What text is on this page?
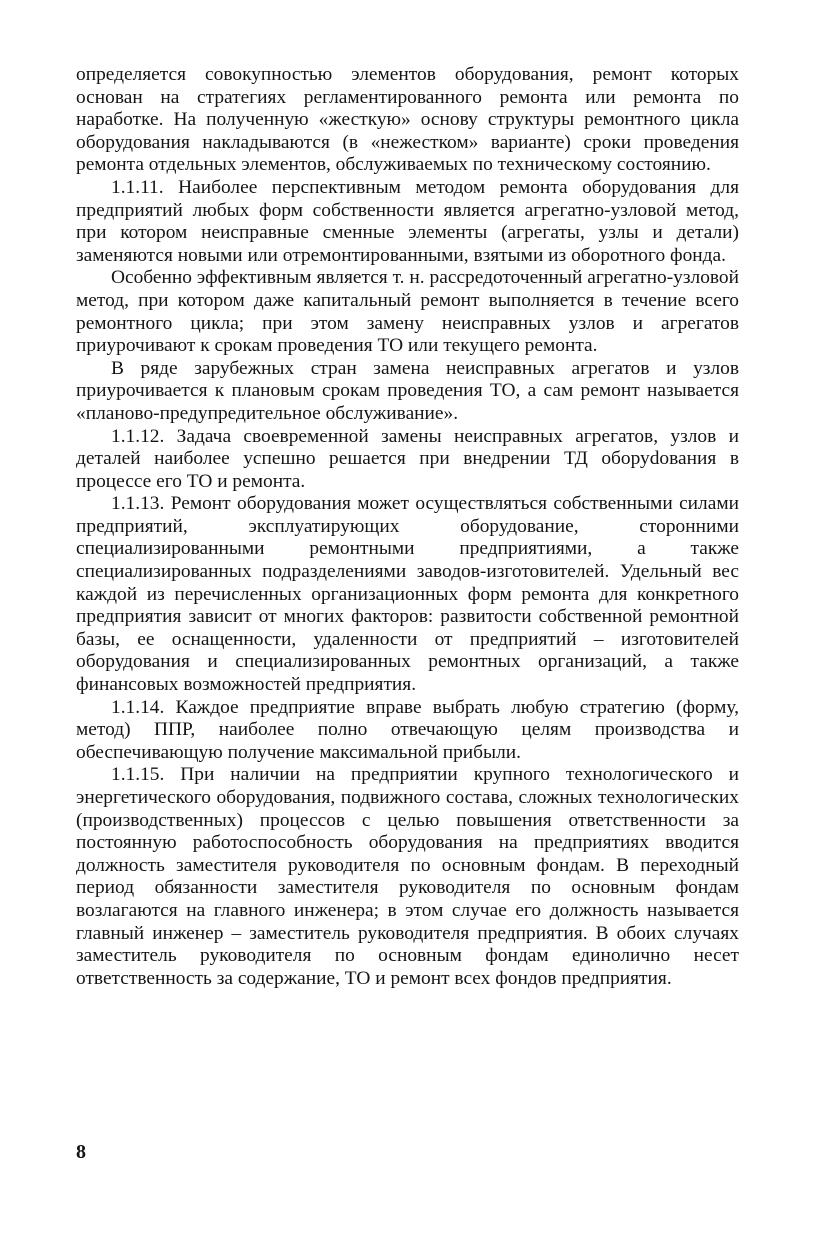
определяется совокупностью элементов оборудования, ремонт которых основан на стратегиях регламентированного ремонта или ремонта по наработке. На полученную «жесткую» основу структуры ремонтного цикла оборудования накладываются (в «нежестком» варианте) сроки проведения ремонта отдельных элементов, обслуживаемых по техническому состоянию.

1.1.11. Наиболее перспективным методом ремонта оборудования для предприятий любых форм собственности является агрегатно-узловой метод, при котором неисправные сменные элементы (агрегаты, узлы и детали) заменяются новыми или отремонтированными, взятыми из оборотного фонда.

Особенно эффективным является т. н. рассредоточенный агрегатно-узловой метод, при котором даже капитальный ремонт выполняется в течение всего ремонтного цикла; при этом замену неисправных узлов и агрегатов приурочивают к срокам проведения ТО или текущего ремонта.

В ряде зарубежных стран замена неисправных агрегатов и узлов приурочивается к плановым срокам проведения ТО, а сам ремонт называется «планово-предупредительное обслуживание».

1.1.12. Задача своевременной замены неисправных агрегатов, узлов и деталей наиболее успешно решается при внедрении ТД оборуdования в процессе его ТО и ремонта.

1.1.13. Ремонт оборудования может осуществляться собственными силами предприятий, эксплуатирующих оборудование, сторонними специализированными ремонтными предприятиями, а также специализированных подразделениями заводов-изготовителей. Удельный вес каждой из перечисленных организационных форм ремонта для конкретного предприятия зависит от многих факторов: развитости собственной ремонтной базы, ее оснащенности, удаленности от предприятий – изготовителей оборудования и специализированных ремонтных организаций, а также финансовых возможностей предприятия.

1.1.14. Каждое предприятие вправе выбрать любую стратегию (форму, метод) ППР, наиболее полно отвечающую целям производства и обеспечивающую получение максимальной прибыли.

1.1.15. При наличии на предприятии крупного технологического и энергетического оборудования, подвижного состава, сложных технологических (производственных) процессов с целью повышения ответственности за постоянную работоспособность оборудования на предприятиях вводится должность заместителя руководителя по основным фондам. В переходный период обязанности заместителя руководителя по основным фондам возлагаются на главного инженера; в этом случае его должность называется главный инженер – заместитель руководителя предприятия. В обоих случаях заместитель руководителя по основным фондам единолично несет ответственность за содержание, ТО и ремонт всех фондов предприятия.

8
